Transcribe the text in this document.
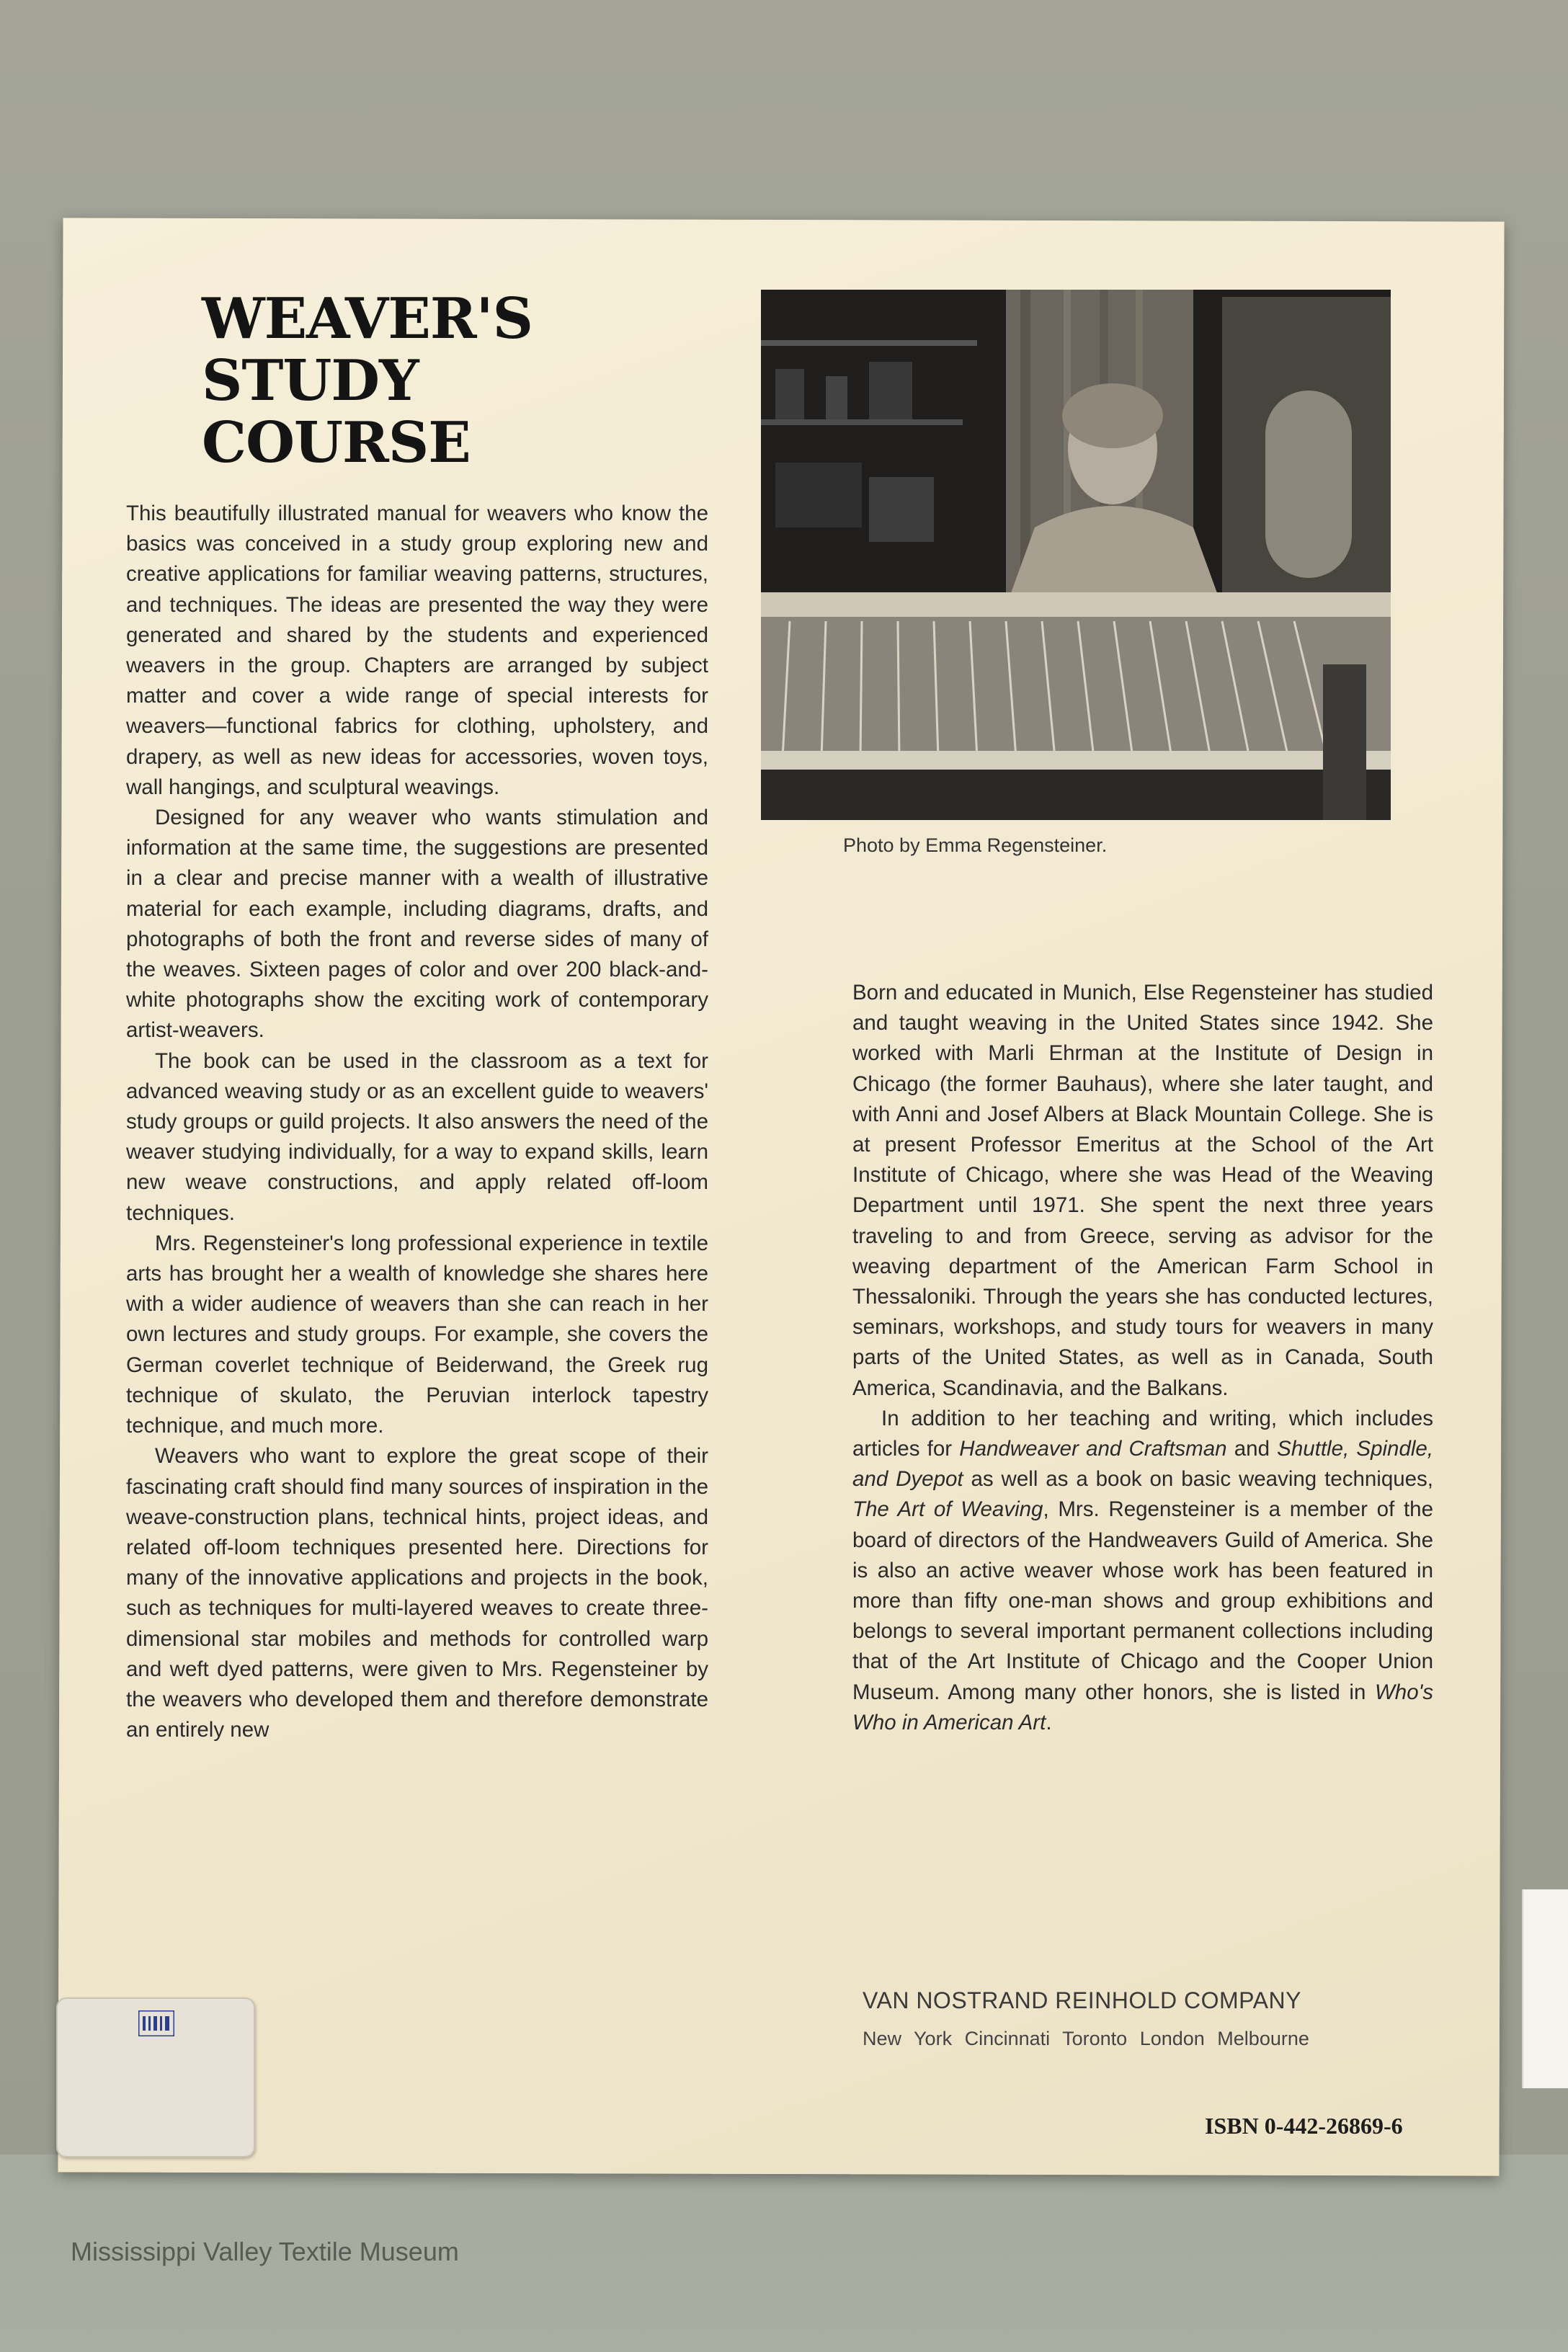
WEAVER'S
STUDY
COURSE

This beautifully illustrated manual for weavers who know the basics was conceived in a study group exploring new and creative applications for familiar weaving patterns, structures, and techniques. The ideas are presented the way they were generated and shared by the students and experienced weavers in the group. Chapters are arranged by subject matter and cover a wide range of special interests for weavers—functional fabrics for clothing, upholstery, and drapery, as well as new ideas for accessories, woven toys, wall hangings, and sculptural weavings.

Designed for any weaver who wants stimulation and information at the same time, the suggestions are presented in a clear and precise manner with a wealth of illustrative material for each example, including diagrams, drafts, and photographs of both the front and reverse sides of many of the weaves. Sixteen pages of color and over 200 black-and-white photographs show the exciting work of contemporary artist-weavers.

The book can be used in the classroom as a text for advanced weaving study or as an excellent guide to weavers' study groups or guild projects. It also answers the need of the weaver studying individually, for a way to expand skills, learn new weave constructions, and apply related off-loom techniques.

Mrs. Regensteiner's long professional experience in textile arts has brought her a wealth of knowledge she shares here with a wider audience of weavers than she can reach in her own lectures and study groups. For example, she covers the German coverlet technique of Beiderwand, the Greek rug technique of skulato, the Peruvian interlock tapestry technique, and much more.

Weavers who want to explore the great scope of their fascinating craft should find many sources of inspiration in the weave-construction plans, technical hints, project ideas, and related off-loom techniques presented here. Directions for many of the innovative applications and projects in the book, such as techniques for multi-layered weaves to create three-dimensional star mobiles and methods for controlled warp and weft dyed patterns, were given to Mrs. Regensteiner by the weavers who developed them and therefore demonstrate an entirely new

Photo by Emma Regensteiner.

Born and educated in Munich, Else Regensteiner has studied and taught weaving in the United States since 1942. She worked with Marli Ehrman at the Institute of Design in Chicago (the former Bauhaus), where she later taught, and with Anni and Josef Albers at Black Mountain College. She is at present Professor Emeritus at the School of the Art Institute of Chicago, where she was Head of the Weaving Department until 1971. She spent the next three years traveling to and from Greece, serving as advisor for the weaving department of the American Farm School in Thessaloniki. Through the years she has conducted lectures, seminars, workshops, and study tours for weavers in many parts of the United States, as well as in Canada, South America, Scandinavia, and the Balkans.

In addition to her teaching and writing, which includes articles for Handweaver and Craftsman and Shuttle, Spindle, and Dyepot as well as a book on basic weaving techniques, The Art of Weaving, Mrs. Regensteiner is a member of the board of directors of the Handweavers Guild of America. She is also an active weaver whose work has been featured in more than fifty one-man shows and group exhibitions and belongs to several important permanent collections including that of the Art Institute of Chicago and the Cooper Union Museum. Among many other honors, she is listed in Who's Who in American Art.

VAN NOSTRAND REINHOLD COMPANY
New York Cincinnati Toronto London Melbourne
ISBN 0-442-26869-6
Mississippi Valley Textile Museum
